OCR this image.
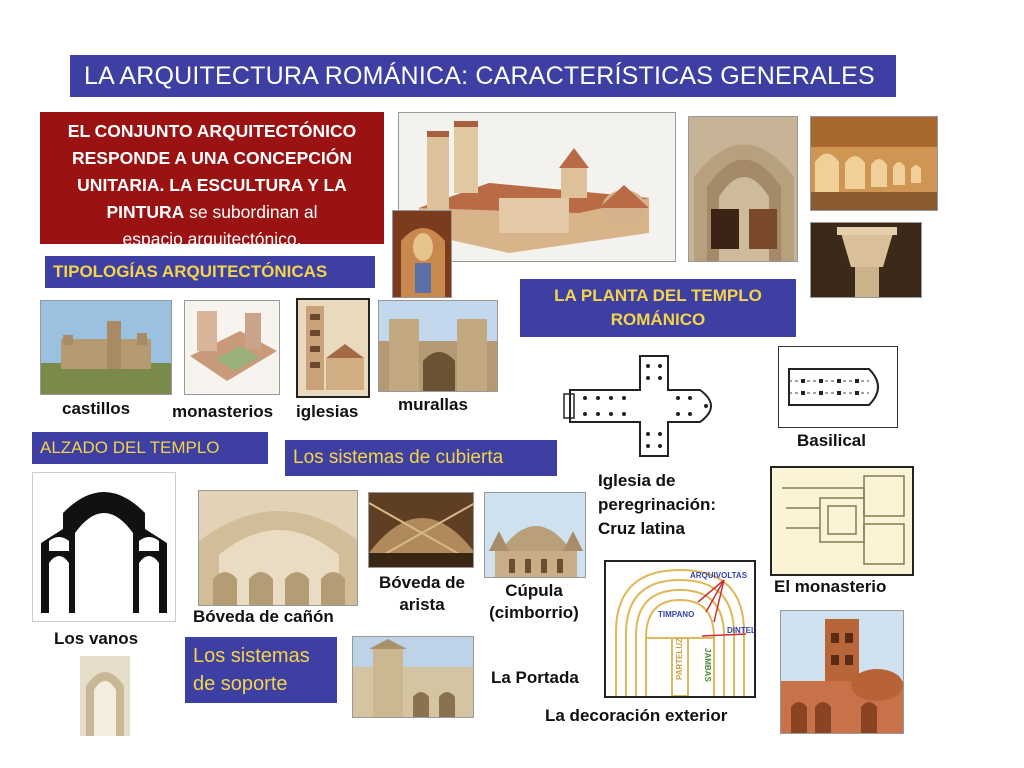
LA ARQUITECTURA ROMÁNICA: CARACTERÍSTICAS GENERALES
EL CONJUNTO ARQUITECTÓNICO
RESPONDE A UNA CONCEPCIÓN
UNITARIA. LA ESCULTURA Y LA
PINTURA se subordinan al
espacio arquitectónico.
TIPOLOGÍAS ARQUITECTÓNICAS
castillos monasterios iglesias murallas
LA PLANTA DEL TEMPLO
ROMÁNICO
Basilical
Iglesia de
peregrinación:
Cruz latina
El monasterio
ALZADO DEL TEMPLO
Los vanos
Los sistemas de cubierta
Bóveda de cañón
Bóveda de
arista
Cúpula
(cimborrio)
Los sistemas
de soporte
ARQUIVOLTAS
TIMPANO
DINTEL
JAMBAS
PARTELUZ
La Portada
La decoración exterior
